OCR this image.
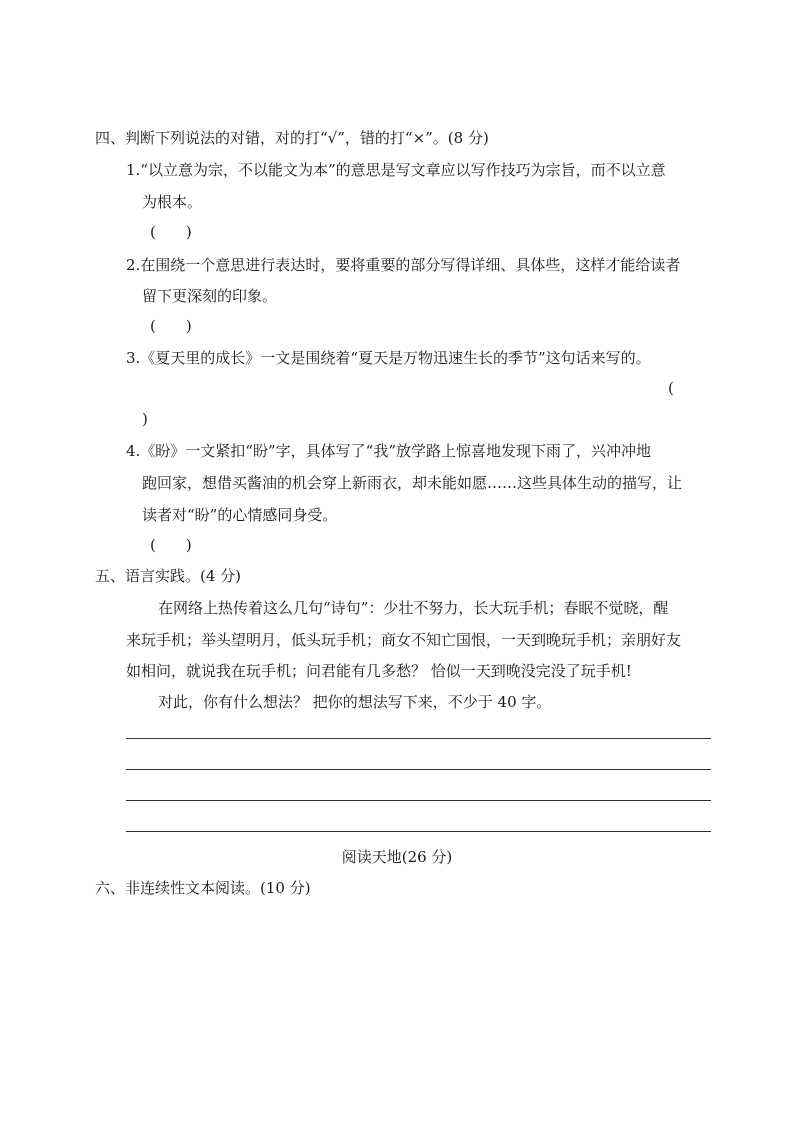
四、判断下列说法的对错，对的打“√”，错的打“×”。(8 分)
1.“以立意为宗，不以能文为本”的意思是写文章应以写作技巧为宗旨，而不以立意
为根本。
(  )
2.在围绕一个意思进行表达时，要将重要的部分写得详细、具体些，这样才能给读者
留下更深刻的印象。
(  )
3.《夏天里的成长》一文是围绕着“夏天是万物迅速生长的季节”这句话来写的。
(
)
4.《盼》一文紧扣“盼”字，具体写了“我”放学路上惊喜地发现下雨了，兴冲冲地
跑回家，想借买酱油的机会穿上新雨衣，却未能如愿……这些具体生动的描写，让
读者对“盼”的心情感同身受。
(  )
五、语言实践。(4 分)
在网络上热传着这么几句“诗句”：少壮不努力，长大玩手机；春眠不觉晓，醒
来玩手机；举头望明月，低头玩手机；商女不知亡国恨，一天到晚玩手机；亲朋好友
如相问，就说我在玩手机；问君能有几多愁？ 恰似一天到晚没完没了玩手机!
对此，你有什么想法？ 把你的想法写下来，不少于 40 字。
阅读天地(26 分)
六、非连续性文本阅读。(10 分)
